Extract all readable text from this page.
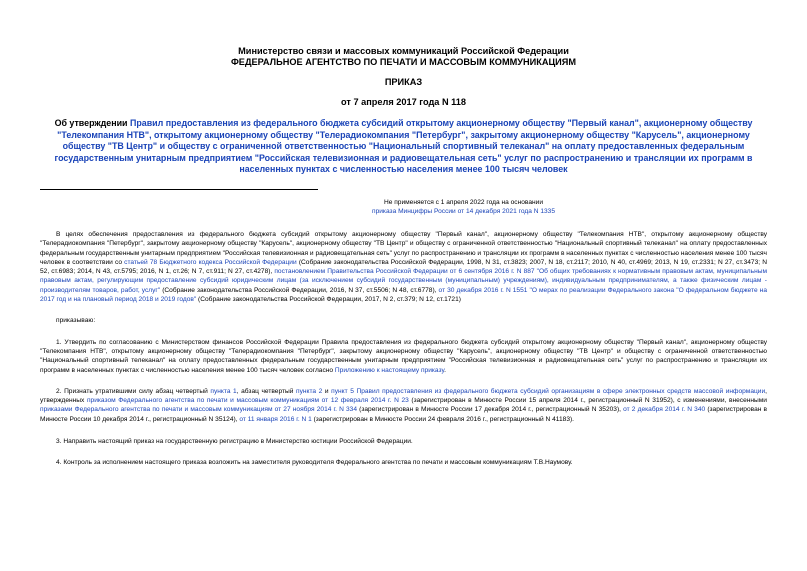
Министерство связи и массовых коммуникаций Российской Федерации
ФЕДЕРАЛЬНОЕ АГЕНТСТВО ПО ПЕЧАТИ И МАССОВЫМ КОММУНИКАЦИЯМ
ПРИКАЗ
от 7 апреля 2017 года N 118
Об утверждении Правил предоставления из федерального бюджета субсидий открытому акционерному обществу "Первый канал", акционерному обществу "Телекомпания НТВ", открытому акционерному обществу "Телерадиокомпания "Петербург", закрытому акционерному обществу "Карусель", акционерному обществу "ТВ Центр" и обществу с ограниченной ответственностью "Национальный спортивный телеканал" на оплату предоставленных федеральным государственным унитарным предприятием "Российская телевизионная и радиовещательная сеть" услуг по распространению и трансляции их программ в населенных пунктах с численностью населения менее 100 тысяч человек
Не применяется с 1 апреля 2022 года на основании
приказа Минцифры России от 14 декабря 2021 года N 1335

В целях обеспечения предоставления из федерального бюджета субсидий открытому акционерному обществу "Первый канал", акционерному обществу "Телекомпания НТВ", открытому акционерному обществу "Телерадиокомпания "Петербург", закрытому акционерному обществу "Карусель", акционерному обществу "ТВ Центр" и обществу с ограниченной ответственностью "Национальный спортивный телеканал" на оплату предоставленных федеральным государственным унитарным предприятием "Российская телевизионная и радиовещательная сеть" услуг по распространению и трансляции их программ в населенных пунктах с численностью населения менее 100 тысяч человек в соответствии со статьей 78 Бюджетного кодекса Российской Федерации (Собрание законодательства Российской Федерации, 1998, N 31, ст.3823; 2007, N 18, ст.2117; 2010, N 40, ст.4969; 2013, N 19, ст.2331; N 27, ст.3473; N 52, ст.6983; 2014, N 43, ст.5795; 2016, N 1, ст.26; N 7, ст.911; N 27, ст.4278), постановлением Правительства Российской Федерации от 6 сентября 2016 г. N 887 "Об общих требованиях к нормативным правовым актам, муниципальным правовым актам, регулирующим предоставление субсидий юридическим лицам (за исключением субсидий государственным (муниципальным) учреждениям), индивидуальным предпринимателям, а также физическим лицам - производителям товаров, работ, услуг" (Собрание законодательства Российской Федерации, 2016, N 37, ст.5506; N 48, ст.6778), от 30 декабря 2016 г. N 1551 "О мерах по реализации Федерального закона "О федеральном бюджете на 2017 год и на плановый период 2018 и 2019 годов" (Собрание законодательства Российской Федерации, 2017, N 2, ст.379; N 12, ст.1721)

приказываю:

1. Утвердить по согласованию с Министерством финансов Российской Федерации Правила предоставления из федерального бюджета субсидий открытому акционерному обществу "Первый канал", акционерному обществу "Телекомпания НТВ", открытому акционерному обществу "Телерадиокомпания "Петербург", закрытому акционерному обществу "Карусель", акционерному обществу "ТВ Центр" и обществу с ограниченной ответственностью "Национальный спортивный телеканал" на оплату предоставленных федеральным государственным унитарным предприятием "Российская телевизионная и радиовещательная сеть" услуг по распространению и трансляции их программ в населенных пунктах с численностью населения менее 100 тысяч человек согласно Приложению к настоящему приказу.

2. Признать утратившими силу абзац четвертый пункта 1, абзац четвертый пункта 2 и пункт 5 Правил предоставления из федерального бюджета субсидий организациям в сфере электронных средств массовой информации, утвержденных приказом Федерального агентства по печати и массовым коммуникациям от 12 февраля 2014 г. N 23 (зарегистрирован в Минюсте России 15 апреля 2014 г., регистрационный N 31952), с изменениями, внесенными приказами Федерального агентства по печати и массовым коммуникациям от 27 ноября 2014 г. N 334 (зарегистрирован в Минюсте России 17 декабря 2014 г., регистрационный N 35203), от 2 декабря 2014 г. N 340 (зарегистрирован в Минюсте России 10 декабря 2014 г., регистрационный N 35124), от 11 января 2016 г. N 1 (зарегистрирован в Минюсте России 24 февраля 2016 г., регистрационный N 41183).

3. Направить настоящий приказ на государственную регистрацию в Министерство юстиции Российской Федерации.

4. Контроль за исполнением настоящего приказа возложить на заместителя руководителя Федерального агентства по печати и массовым коммуникациям Т.В.Наумову.
